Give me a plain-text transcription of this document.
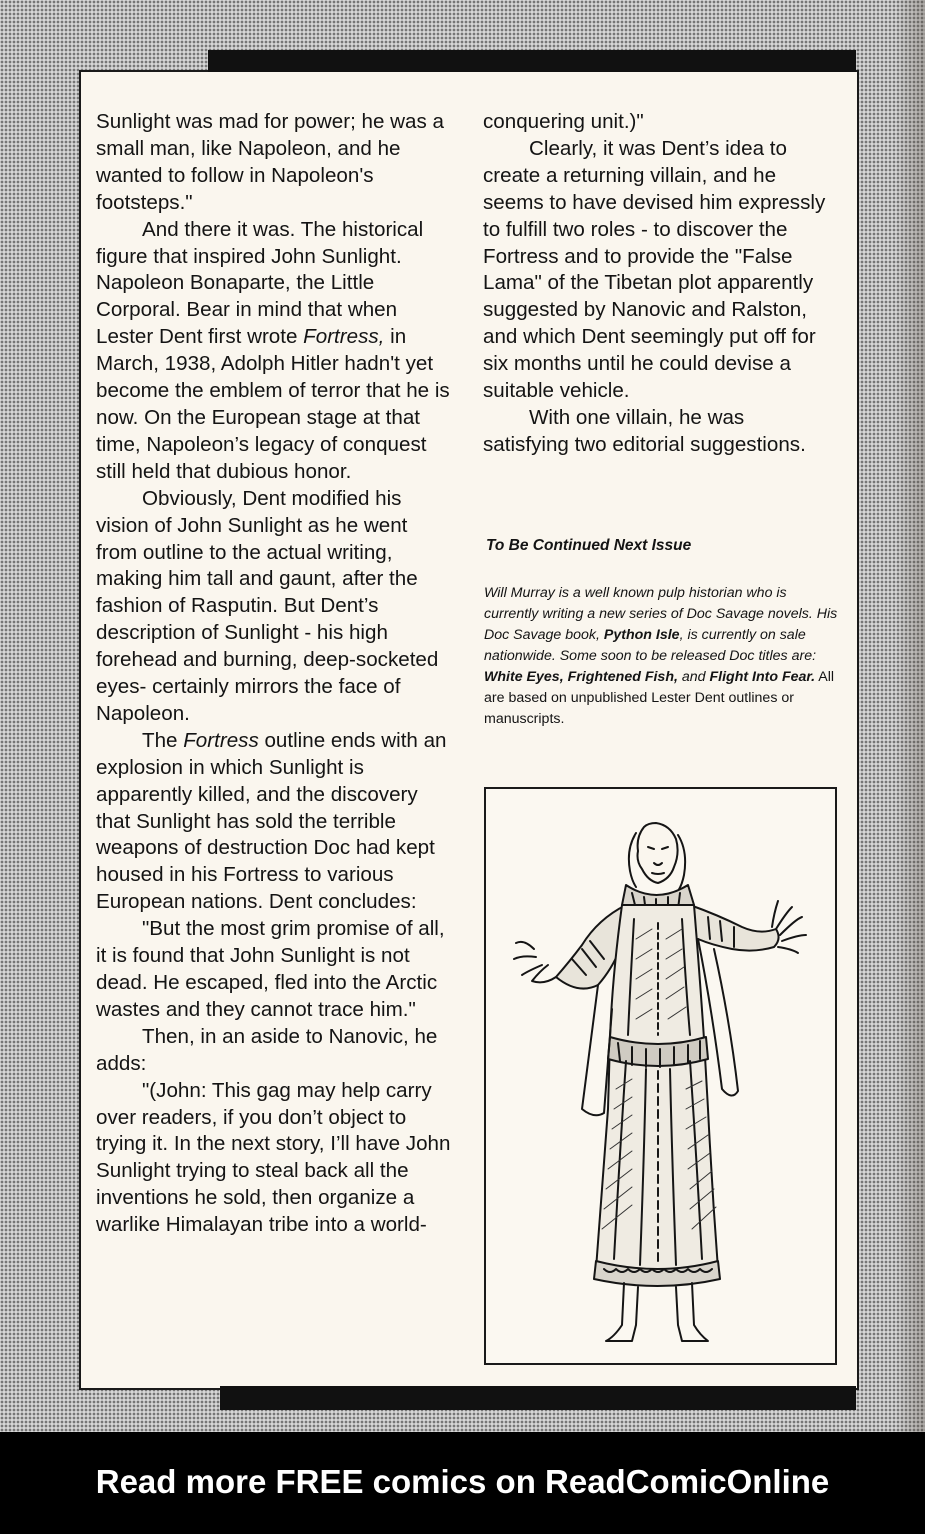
Sunlight was mad for power; he was a small man, like Napoleon, and he wanted to follow in Napoleon's footsteps."

And there it was. The historical figure that inspired John Sunlight. Napoleon Bonaparte, the Little Corporal. Bear in mind that when Lester Dent first wrote Fortress, in March, 1938, Adolph Hitler hadn't yet become the emblem of terror that he is now. On the European stage at that time, Napoleon’s legacy of conquest still held that dubious honor.

Obviously, Dent modified his vision of John Sunlight as he went from outline to the actual writing, making him tall and gaunt, after the fashion of Rasputin. But Dent’s description of Sunlight - his high forehead and burning, deep-socketed eyes- certainly mirrors the face of Napoleon.

The Fortress outline ends with an explosion in which Sunlight is apparently killed, and the discovery that Sunlight has sold the terrible weapons of destruction Doc had kept housed in his Fortress to various European nations. Dent concludes:

"But the most grim promise of all, it is found that John Sunlight is not dead. He escaped, fled into the Arctic wastes and they cannot trace him."

Then, in an aside to Nanovic, he adds:

"(John: This gag may help carry over readers, if you don’t object to trying it. In the next story, I’ll have John Sunlight trying to steal back all the inventions he sold, then organize a warlike Himalayan tribe into a world-

conquering unit.)"

Clearly, it was Dent’s idea to create a returning villain, and he seems to have devised him expressly to fulfill two roles - to discover the Fortress and to provide the "False Lama" of the Tibetan plot apparently suggested by Nanovic and Ralston, and which Dent seemingly put off for six months until he could devise a suitable vehicle.

With one villain, he was satisfying two editorial suggestions.

To Be Continued Next Issue
Will Murray is a well known pulp historian who is currently writing a new series of Doc Savage novels. His Doc Savage book, Python Isle, is currently on sale nationwide. Some soon to be released Doc titles are: White Eyes, Frightened Fish, and Flight Into Fear. All are based on unpublished Lester Dent outlines or manuscripts.
Read more FREE comics on ReadComicOnline
